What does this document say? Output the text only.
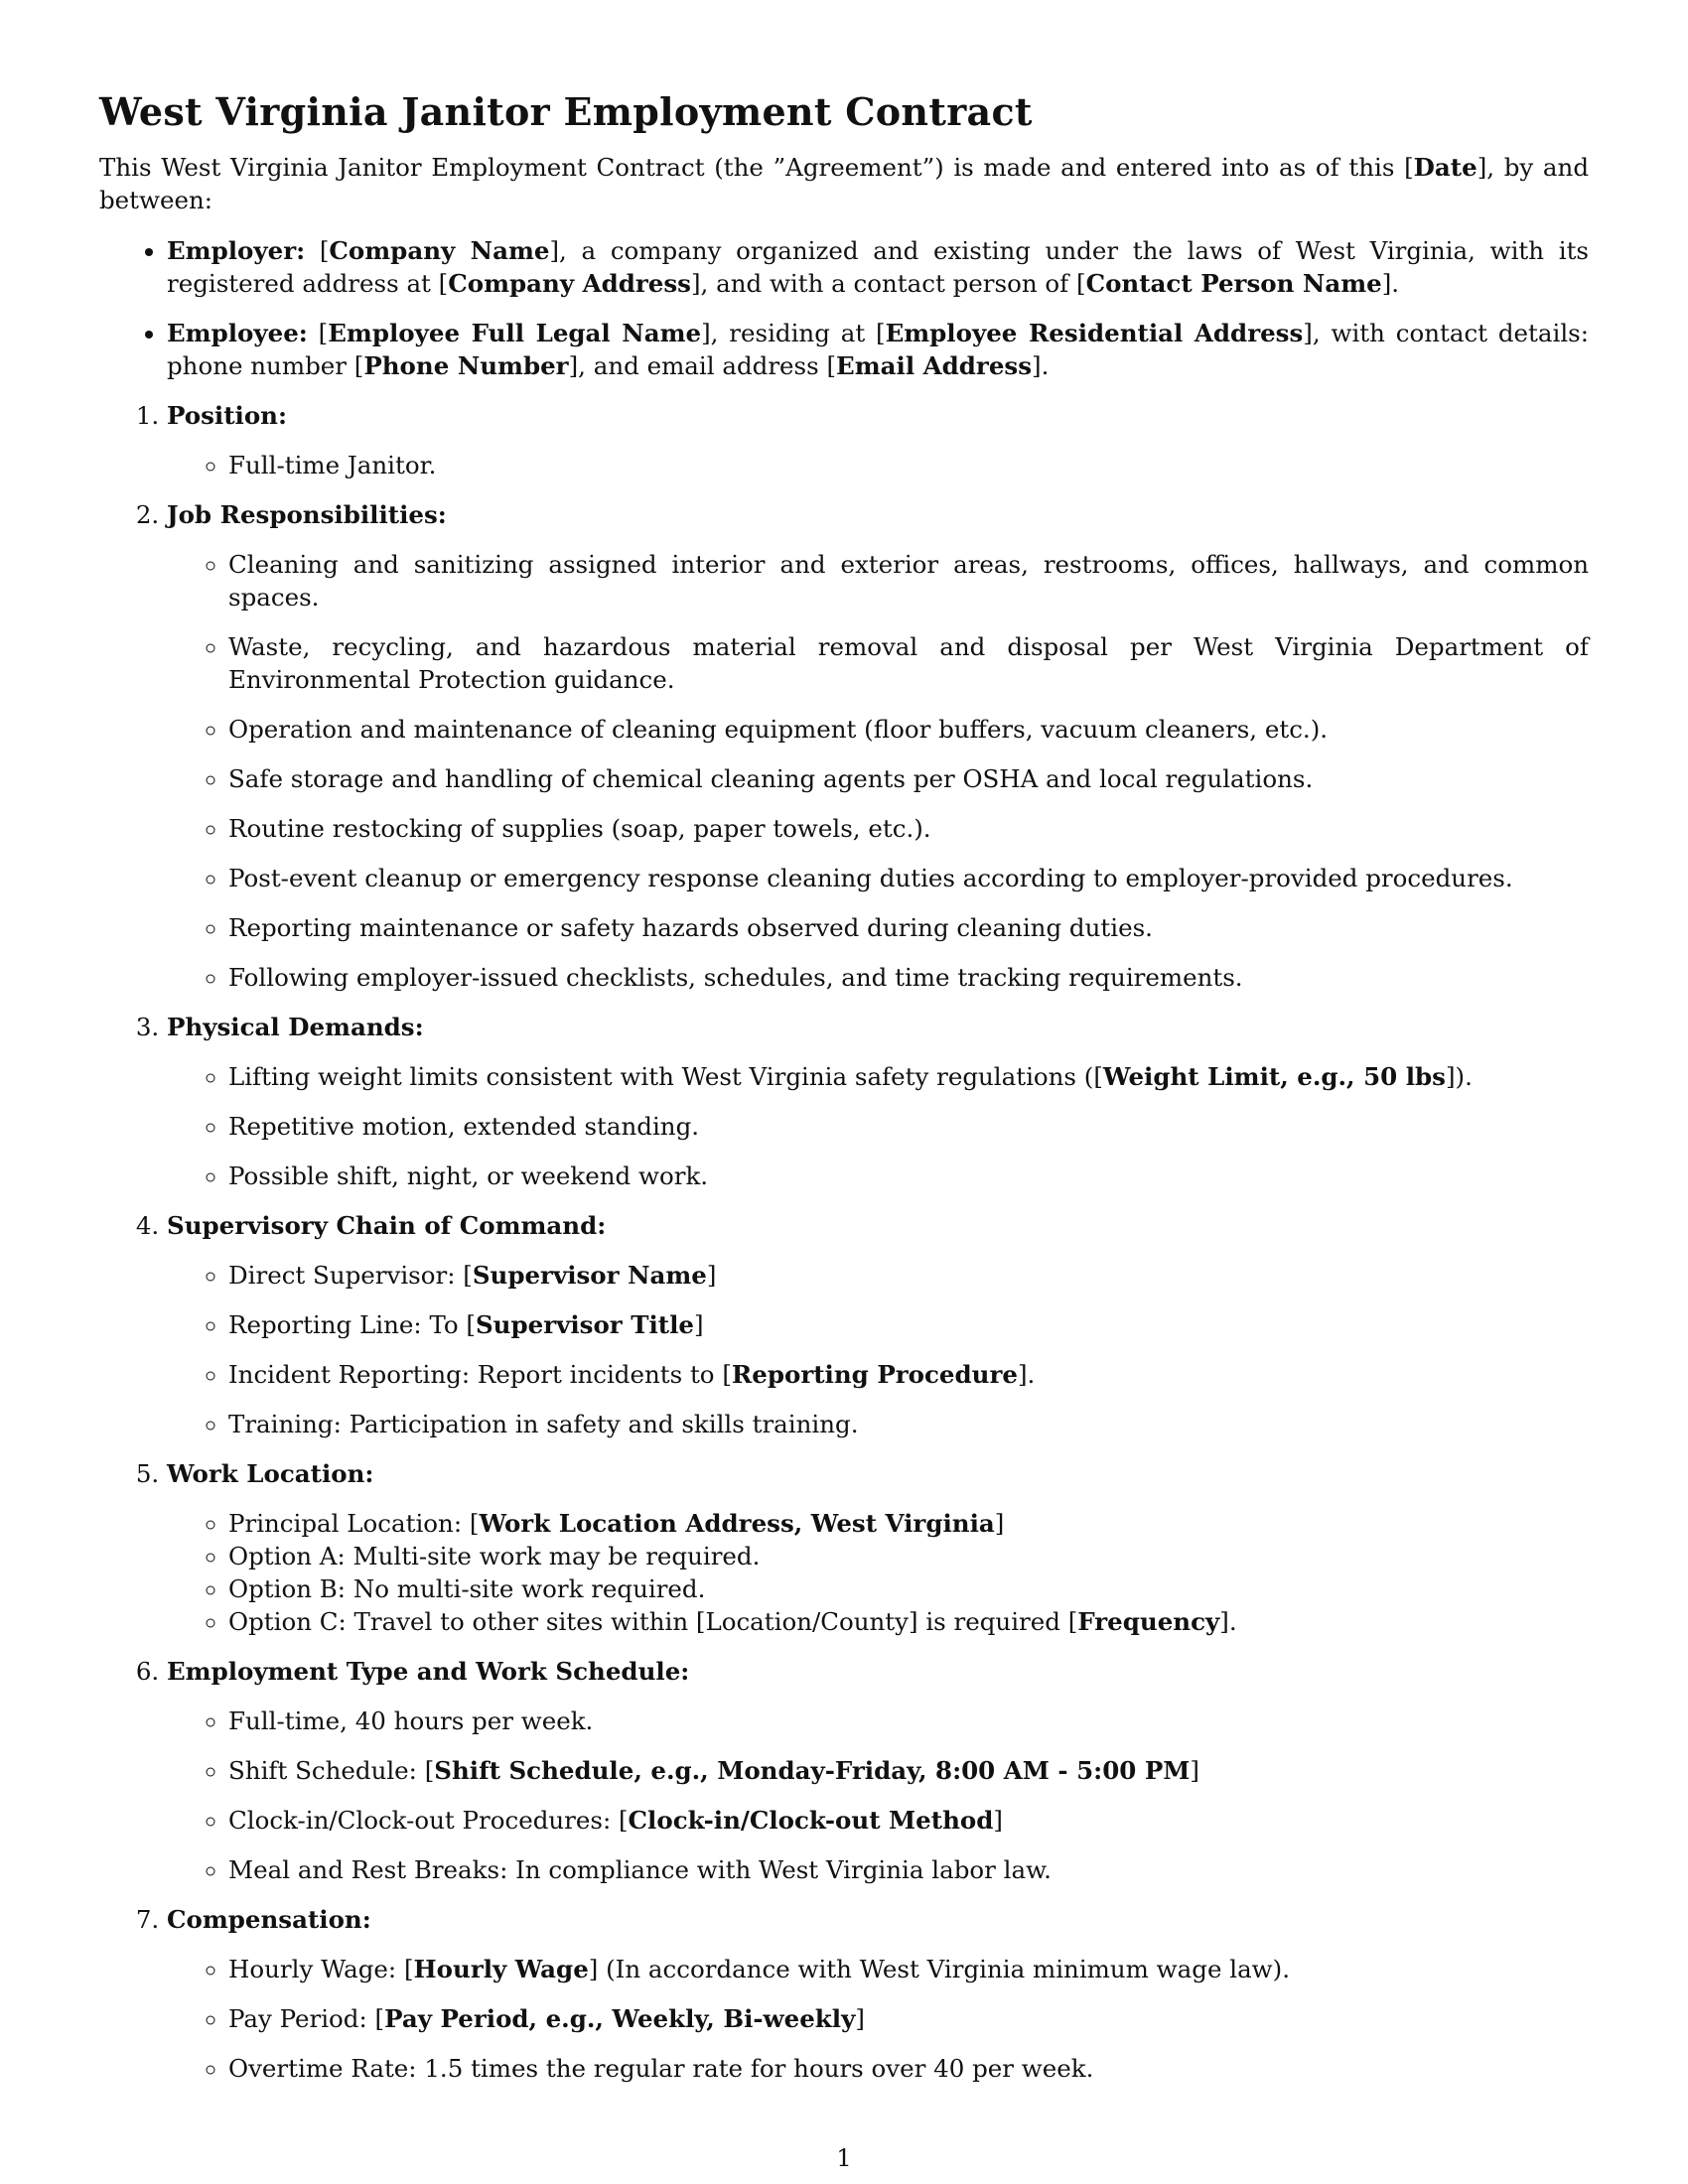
West Virginia Janitor Employment Contract

This West Virginia Janitor Employment Contract (the ”Agreement”) is made and entered into as of this [Date], by and between:

• Employer: [Company Name], a company organized and existing under the laws of West Virginia, with its registered address at [Company Address], and with a contact person of [Contact Person Name].
• Employee: [Employee Full Legal Name], residing at [Employee Residential Address], with contact details: phone number [Phone Number], and email address [Email Address].
1. Position:
◦ Full-time Janitor.
2. Job Responsibilities:
◦ Cleaning and sanitizing assigned interior and exterior areas, restrooms, offices, hallways, and common spaces.
◦ Waste, recycling, and hazardous material removal and disposal per West Virginia Department of Environmental Protection guidance.
◦ Operation and maintenance of cleaning equipment (floor buffers, vacuum cleaners, etc.).
◦ Safe storage and handling of chemical cleaning agents per OSHA and local regulations.
◦ Routine restocking of supplies (soap, paper towels, etc.).
◦ Post-event cleanup or emergency response cleaning duties according to employer-provided procedures.
◦ Reporting maintenance or safety hazards observed during cleaning duties.
◦ Following employer-issued checklists, schedules, and time tracking requirements.
3. Physical Demands:
◦ Lifting weight limits consistent with West Virginia safety regulations ([Weight Limit, e.g., 50 lbs]).
◦ Repetitive motion, extended standing.
◦ Possible shift, night, or weekend work.
4. Supervisory Chain of Command:
◦ Direct Supervisor: [Supervisor Name]
◦ Reporting Line: To [Supervisor Title]
◦ Incident Reporting: Report incidents to [Reporting Procedure].
◦ Training: Participation in safety and skills training.
5. Work Location:
◦ Principal Location: [Work Location Address, West Virginia]
◦ Option A: Multi-site work may be required.
◦ Option B: No multi-site work required.
◦ Option C: Travel to other sites within [Location/County] is required [Frequency].
6. Employment Type and Work Schedule:
◦ Full-time, 40 hours per week.
◦ Shift Schedule: [Shift Schedule, e.g., Monday-Friday, 8:00 AM - 5:00 PM]
◦ Clock-in/Clock-out Procedures: [Clock-in/Clock-out Method]
◦ Meal and Rest Breaks: In compliance with West Virginia labor law.
7. Compensation:
◦ Hourly Wage: [Hourly Wage] (In accordance with West Virginia minimum wage law).
◦ Pay Period: [Pay Period, e.g., Weekly, Bi-weekly]
◦ Overtime Rate: 1.5 times the regular rate for hours over 40 per week.
1
